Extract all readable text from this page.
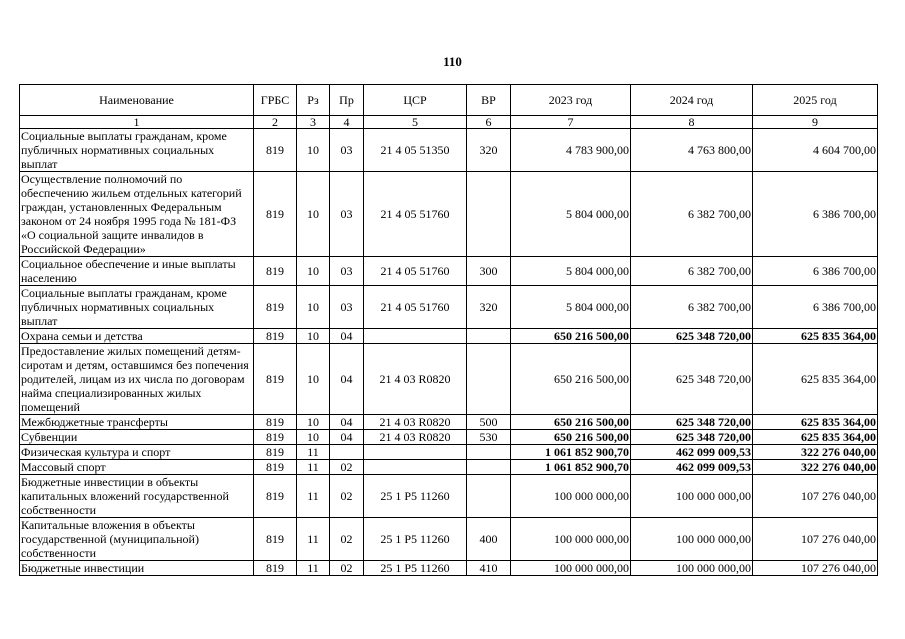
110
Наименование	ГРБС	Рз	Пр	ЦСР	ВР	2023 год	2024 год	2025 год
1	2	3	4	5	6	7	8	9
Социальные выплаты гражданам, кроме публичных нормативных социальных выплат	819	10	03	21 4 05 51350	320	4 783 900,00	4 763 800,00	4 604 700,00
Осуществление полномочий по обеспечению жильем отдельных категорий граждан, установленных Федеральным законом от 24 ноября 1995 года № 181-ФЗ «О социальной защите инвалидов в Российской Федерации»	819	10	03	21 4 05 51760		5 804 000,00	6 382 700,00	6 386 700,00
Социальное обеспечение и иные выплаты населению	819	10	03	21 4 05 51760	300	5 804 000,00	6 382 700,00	6 386 700,00
Социальные выплаты гражданам, кроме публичных нормативных социальных выплат	819	10	03	21 4 05 51760	320	5 804 000,00	6 382 700,00	6 386 700,00
Охрана семьи и детства	819	10	04			650 216 500,00	625 348 720,00	625 835 364,00
Предоставление жилых помещений детям-сиротам и детям, оставшимся без попечения родителей, лицам из их числа по договорам найма специализированных жилых помещений	819	10	04	21 4 03 R0820		650 216 500,00	625 348 720,00	625 835 364,00
Межбюджетные трансферты	819	10	04	21 4 03 R0820	500	650 216 500,00	625 348 720,00	625 835 364,00
Субвенции	819	10	04	21 4 03 R0820	530	650 216 500,00	625 348 720,00	625 835 364,00
Физическая культура и спорт	819	11				1 061 852 900,70	462 099 009,53	322 276 040,00
Массовый спорт	819	11	02			1 061 852 900,70	462 099 009,53	322 276 040,00
Бюджетные инвестиции в объекты капитальных вложений государственной собственности	819	11	02	25 1 P5 11260		100 000 000,00	100 000 000,00	107 276 040,00
Капитальные вложения в объекты государственной (муниципальной) собственности	819	11	02	25 1 P5 11260	400	100 000 000,00	100 000 000,00	107 276 040,00
Бюджетные инвестиции	819	11	02	25 1 P5 11260	410	100 000 000,00	100 000 000,00	107 276 040,00
